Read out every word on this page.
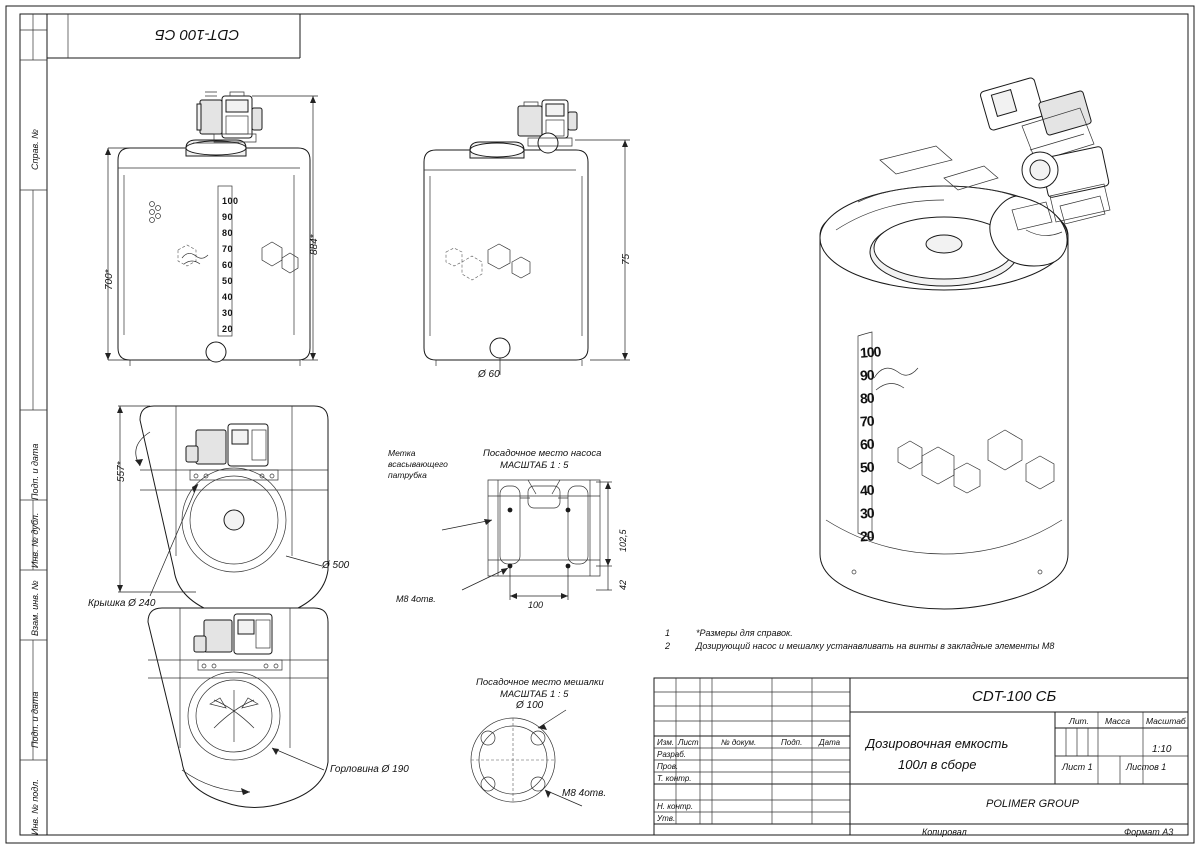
Справ. №
Подп. и дата
Инв. № дубл.
Взам. инв. №
Подп. и дата
Инв. № подл.
CDT-100 СБ
700*
884*
100
90
80
70
60
50
40
30
20
75
Ø 60
557*
Ø 500
Крышка Ø 240
Горловина Ø 190
Посадочное место насоса
МАСШТАБ 1 : 5
Метка
всасывающего
патрубка
102,5
42
100
M8 4отв.
Посадочное место мешалки
МАСШТАБ 1 : 5
Ø 100
M8 4отв.
100
90
80
70
60
50
40
30
20
1	*Размеры для справок.
2	Дозирующий насос и мешалку устанавливать на винты в закладные элементы M8
Изм. Лист	№ докум.	Подп. Дата
Разраб.
Пров.
Т. контр.
Н. контр.
Утв.
CDT-100 СБ
Дозировочная емкость
100л в сборе
Лит. Масса Масштаб
1:10
Лист 1	Листов 1
POLIMER GROUP
Копировал	Формат А3
